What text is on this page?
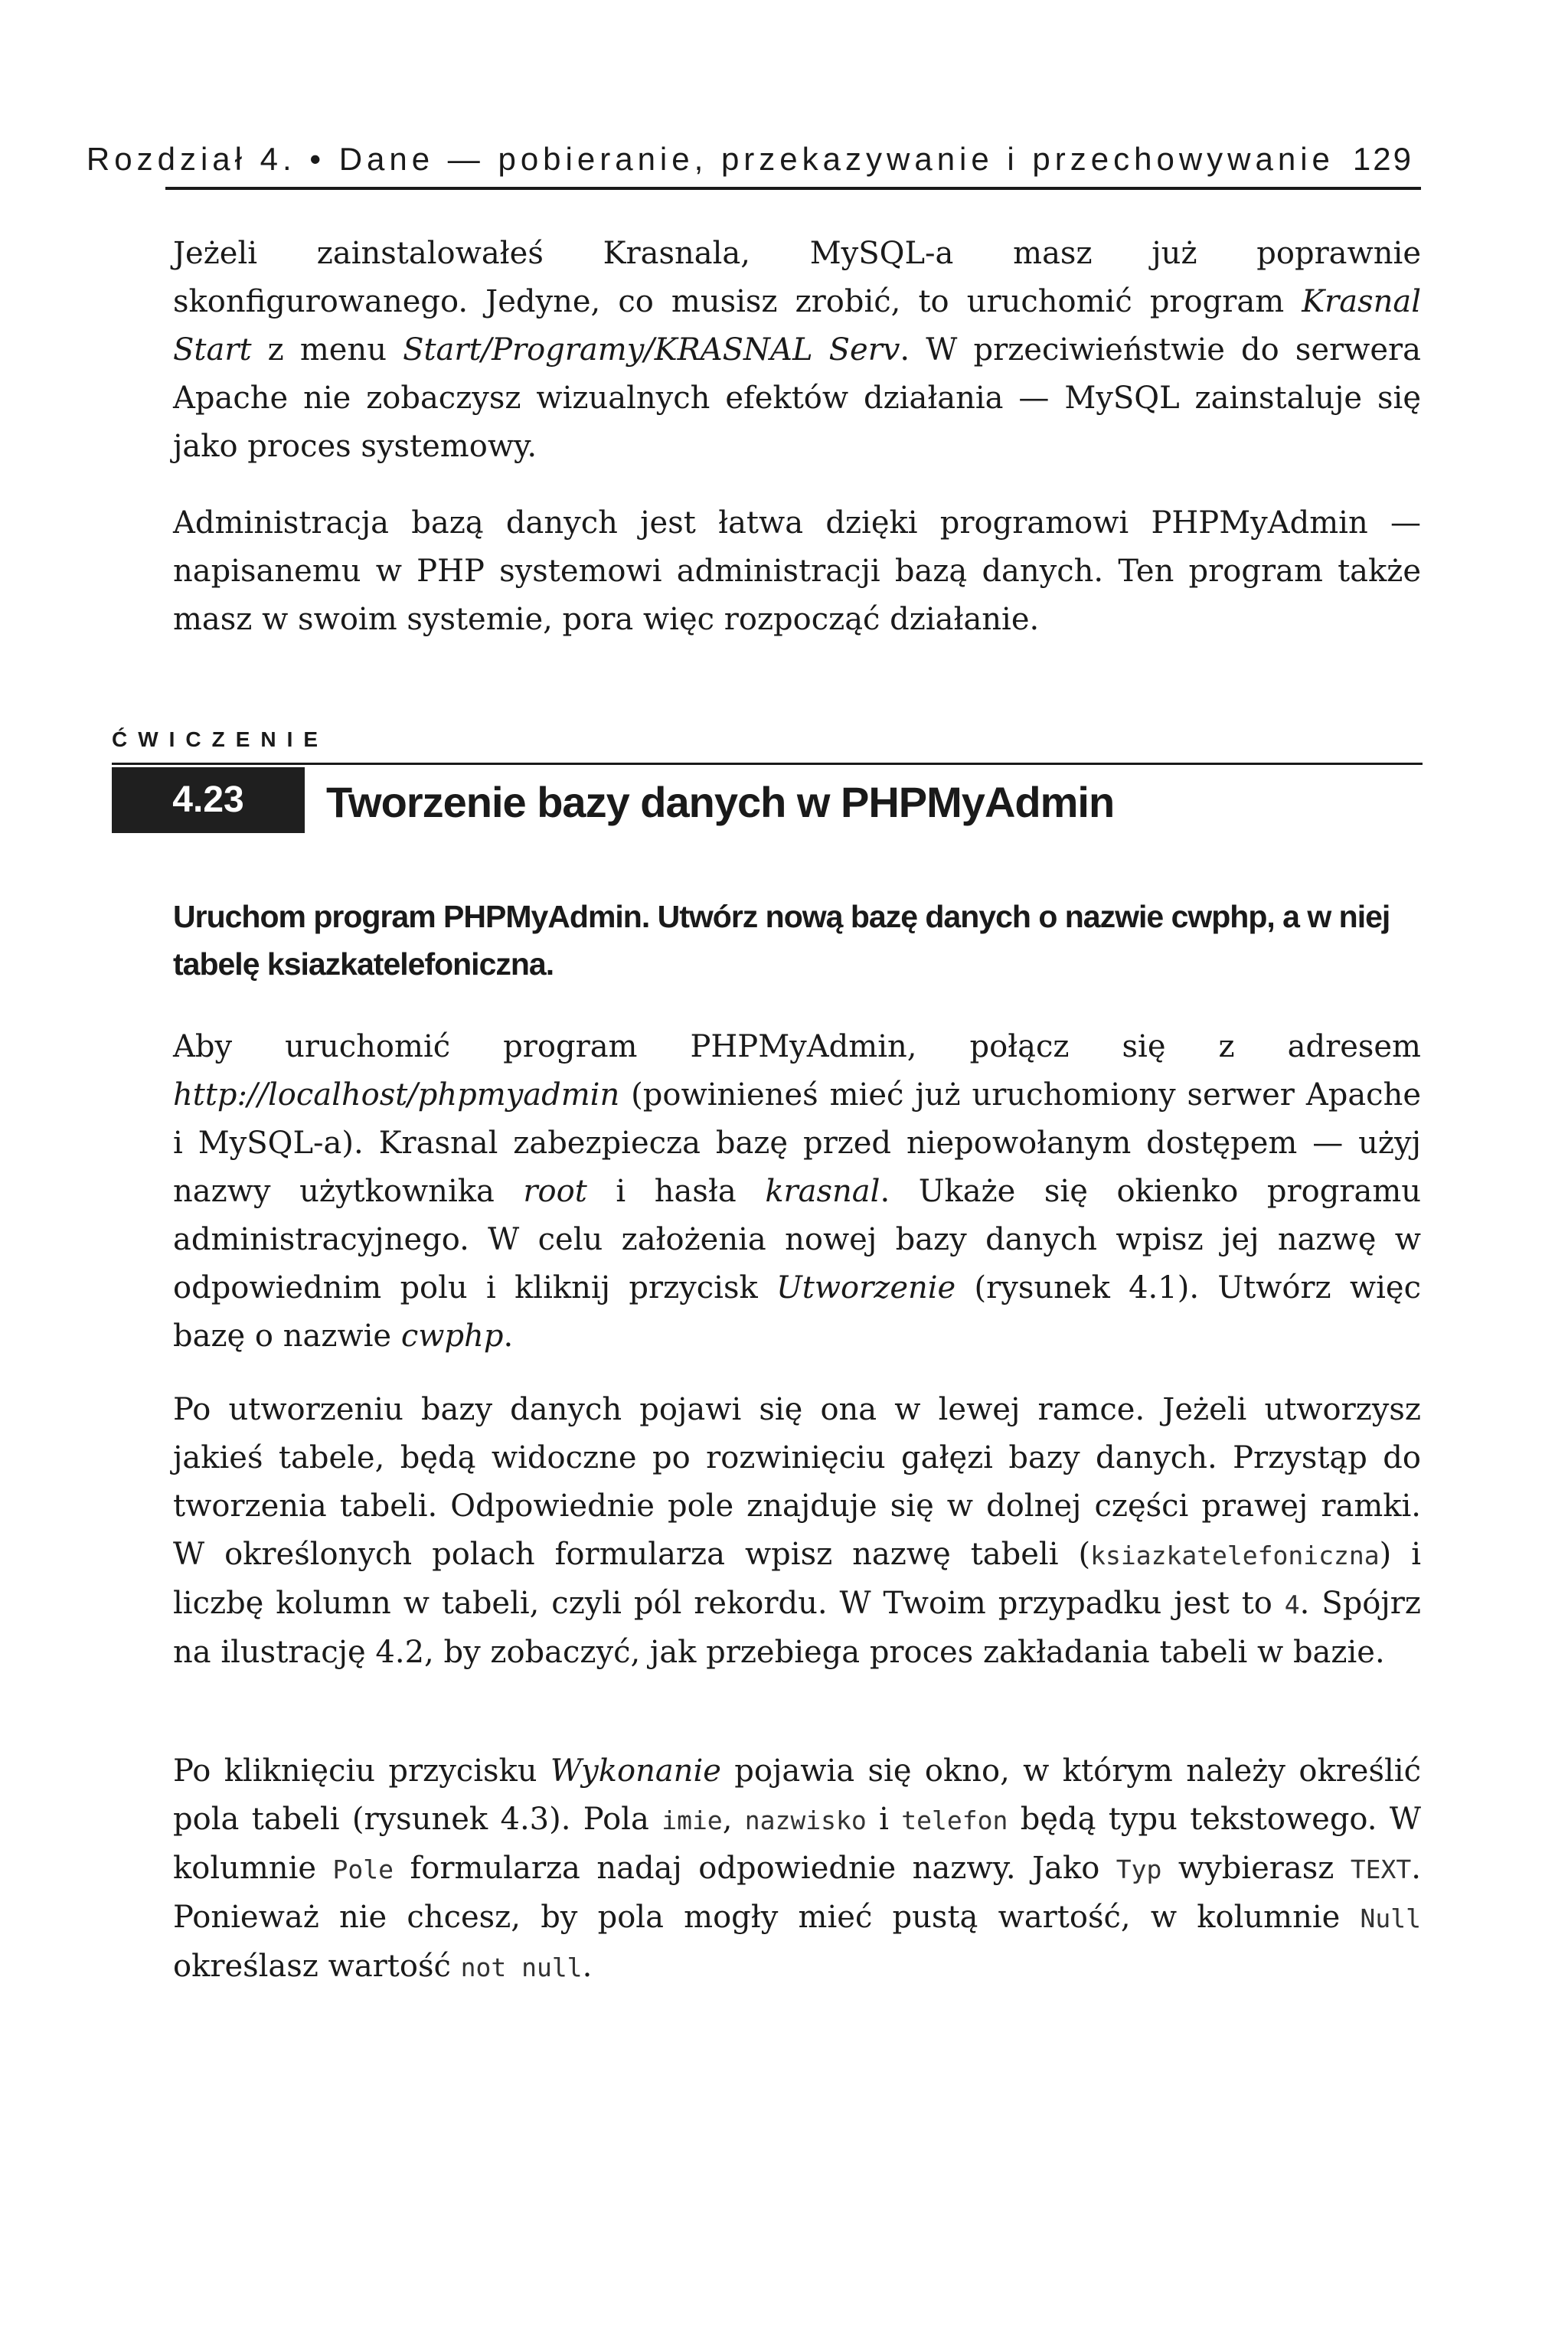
Rozdział 4. • Dane — pobieranie, przekazywanie i przechowywanie 129

Jeżeli zainstalowałeś Krasnala, MySQL-a masz już poprawnie skonfigurowanego. Jedyne, co musisz zrobić, to uruchomić program Krasnal Start z menu Start/Programy/KRASNAL Serv. W przeciwieństwie do serwera Apache nie zobaczysz wizualnych efektów działania — MySQL zainstaluje się jako proces systemowy.

Administracja bazą danych jest łatwa dzięki programowi PHPMyAdmin — napisanemu w PHP systemowi administracji bazą danych. Ten program także masz w swoim systemie, pora więc rozpocząć działanie.

ĆWICZENIE
4.23	Tworzenie bazy danych w PHPMyAdmin
Uruchom program PHPMyAdmin. Utwórz nową bazę danych o nazwie cwphp, a w niej tabelę ksiazkatelefoniczna.

Aby uruchomić program PHPMyAdmin, połącz się z adresem http://localhost/phpmyadmin (powinieneś mieć już uruchomiony serwer Apache i MySQL-a). Krasnal zabezpiecza bazę przed niepowołanym dostępem — użyj nazwy użytkownika root i hasła krasnal. Ukaże się okienko programu administracyjnego. W celu założenia nowej bazy danych wpisz jej nazwę w odpowiednim polu i kliknij przycisk Utworzenie (rysunek 4.1). Utwórz więc bazę o nazwie cwphp.

Po utworzeniu bazy danych pojawi się ona w lewej ramce. Jeżeli utworzysz jakieś tabele, będą widoczne po rozwinięciu gałęzi bazy danych. Przystąp do tworzenia tabeli. Odpowiednie pole znajduje się w dolnej części prawej ramki. W określonych polach formularza wpisz nazwę tabeli (ksiazkatelefoniczna) i liczbę kolumn w tabeli, czyli pól rekordu. W Twoim przypadku jest to 4. Spójrz na ilustrację 4.2, by zobaczyć, jak przebiega proces zakładania tabeli w bazie.

Po kliknięciu przycisku Wykonanie pojawia się okno, w którym należy określić pola tabeli (rysunek 4.3). Pola imie, nazwisko i telefon będą typu tekstowego. W kolumnie Pole formularza nadaj odpowiednie nazwy. Jako Typ wybierasz TEXT. Ponieważ nie chcesz, by pola mogły mieć pustą wartość, w kolumnie Null określasz wartość not null.
